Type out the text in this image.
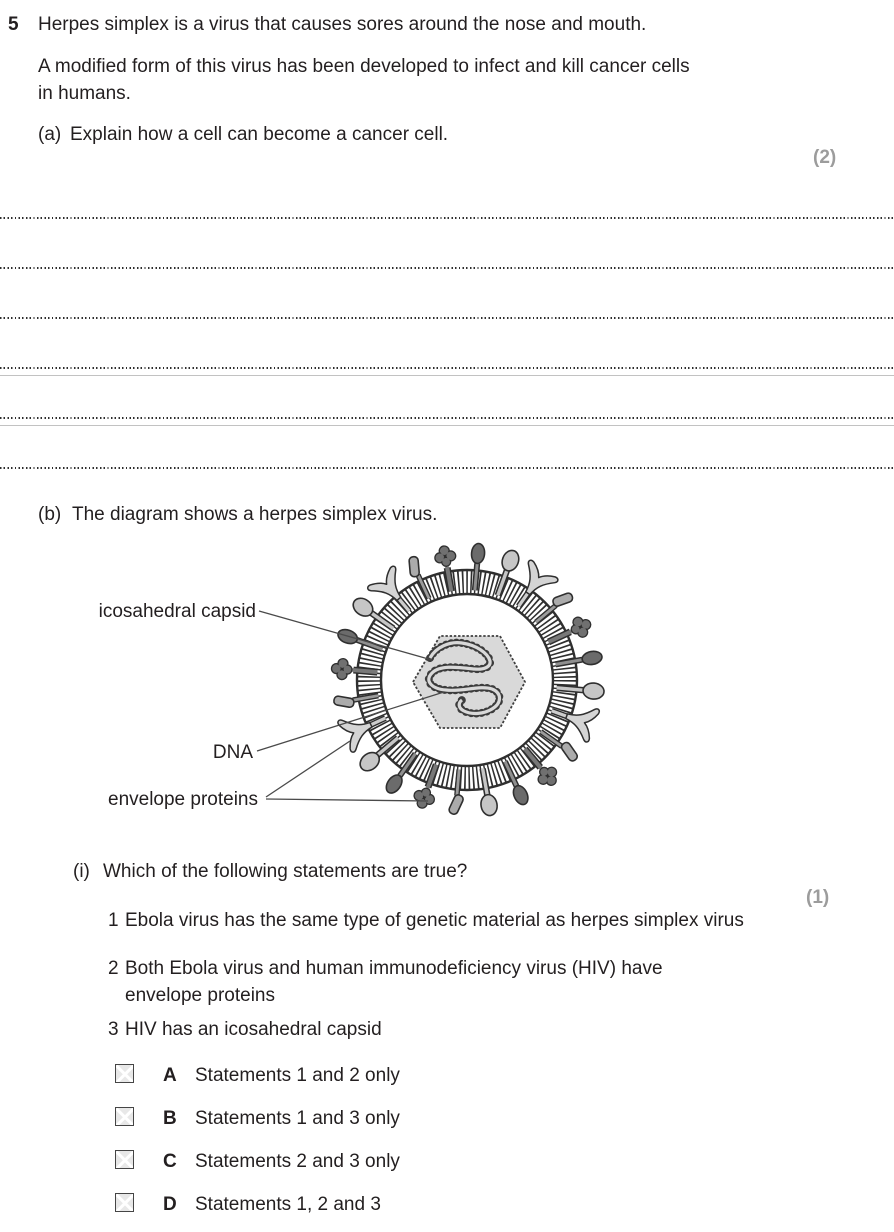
5 Herpes simplex is a virus that causes sores around the nose and mouth.
A modified form of this virus has been developed to infect and kill cancer cells
in humans.
(a) Explain how a cell can become a cancer cell.
(2)
(b) The diagram shows a herpes simplex virus.
icosahedral capsid
DNA
envelope proteins
(i) Which of the following statements are true?
(1)
1 Ebola virus has the same type of genetic material as herpes simplex virus
2 Both Ebola virus and human immunodeficiency virus (HIV) have
envelope proteins
3 HIV has an icosahedral capsid
A Statements 1 and 2 only
B Statements 1 and 3 only
C Statements 2 and 3 only
D Statements 1, 2 and 3
